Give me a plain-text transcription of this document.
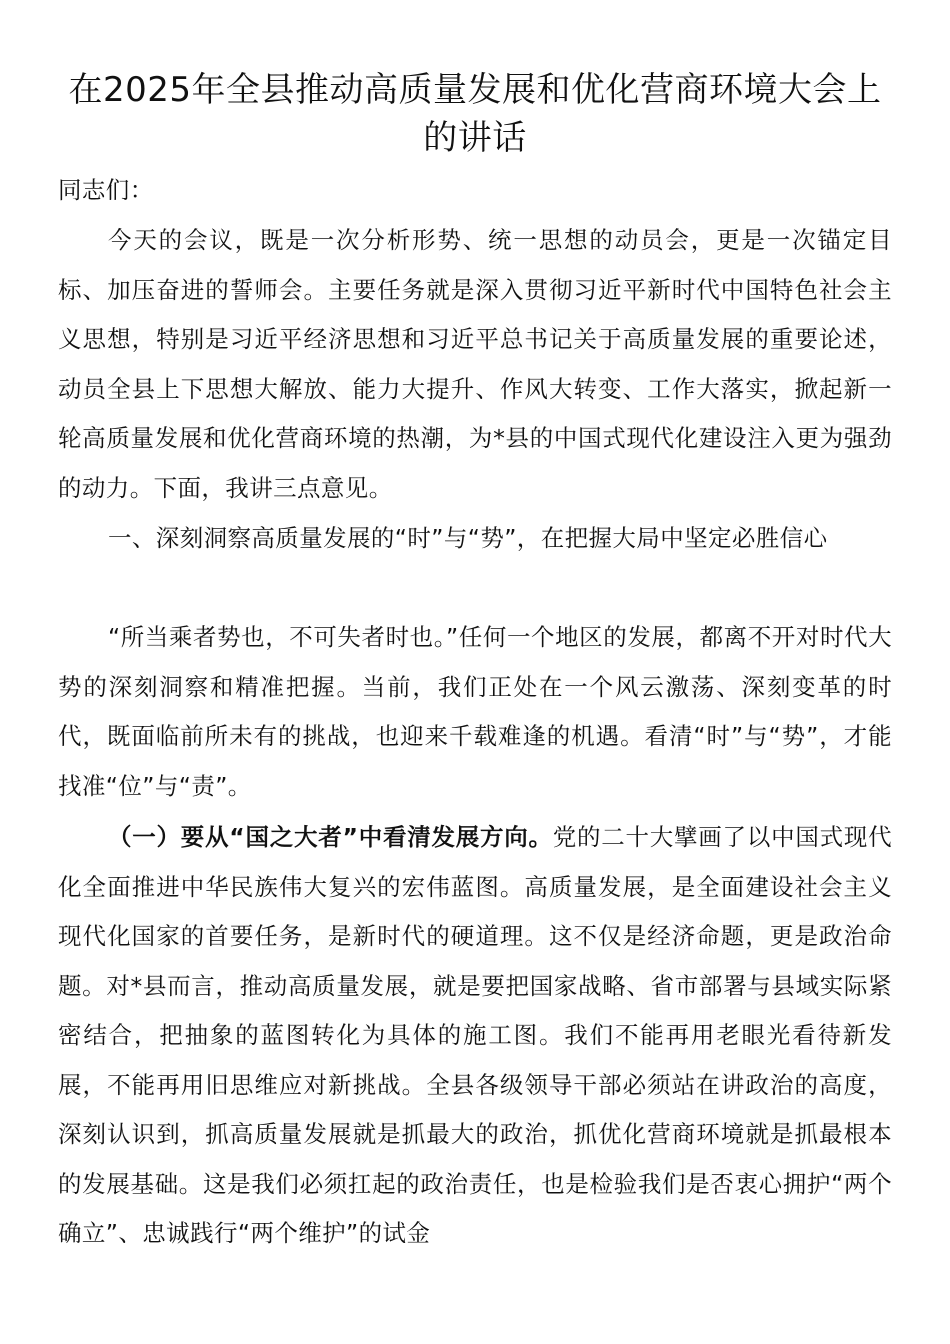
在2025年全县推动高质量发展和优化营商环境大会上的讲话

同志们：

今天的会议，既是一次分析形势、统一思想的动员会，更是一次锚定目标、加压奋进的誓师会。主要任务就是深入贯彻习近平新时代中国特色社会主义思想，特别是习近平经济思想和习近平总书记关于高质量发展的重要论述，动员全县上下思想大解放、能力大提升、作风大转变、工作大落实，掀起新一轮高质量发展和优化营商环境的热潮，为*县的中国式现代化建设注入更为强劲的动力。下面，我讲三点意见。

一、深刻洞察高质量发展的“时”与“势”，在把握大局中坚定必胜信心

“所当乘者势也，不可失者时也。”任何一个地区的发展，都离不开对时代大势的深刻洞察和精准把握。当前，我们正处在一个风云激荡、深刻变革的时代，既面临前所未有的挑战，也迎来千载难逢的机遇。看清“时”与“势”，才能找准“位”与“责”。

（一）要从“国之大者”中看清发展方向。党的二十大擘画了以中国式现代化全面推进中华民族伟大复兴的宏伟蓝图。高质量发展，是全面建设社会主义现代化国家的首要任务，是新时代的硬道理。这不仅是经济命题，更是政治命题。对*县而言，推动高质量发展，就是要把国家战略、省市部署与县域实际紧密结合，把抽象的蓝图转化为具体的施工图。我们不能再用老眼光看待新发展，不能再用旧思维应对新挑战。全县各级领导干部必须站在讲政治的高度，深刻认识到，抓高质量发展就是抓最大的政治，抓优化营商环境就是抓最根本的发展基础。这是我们必须扛起的政治责任，也是检验我们是否衷心拥护“两个确立”、忠诚践行“两个维护”的试金
